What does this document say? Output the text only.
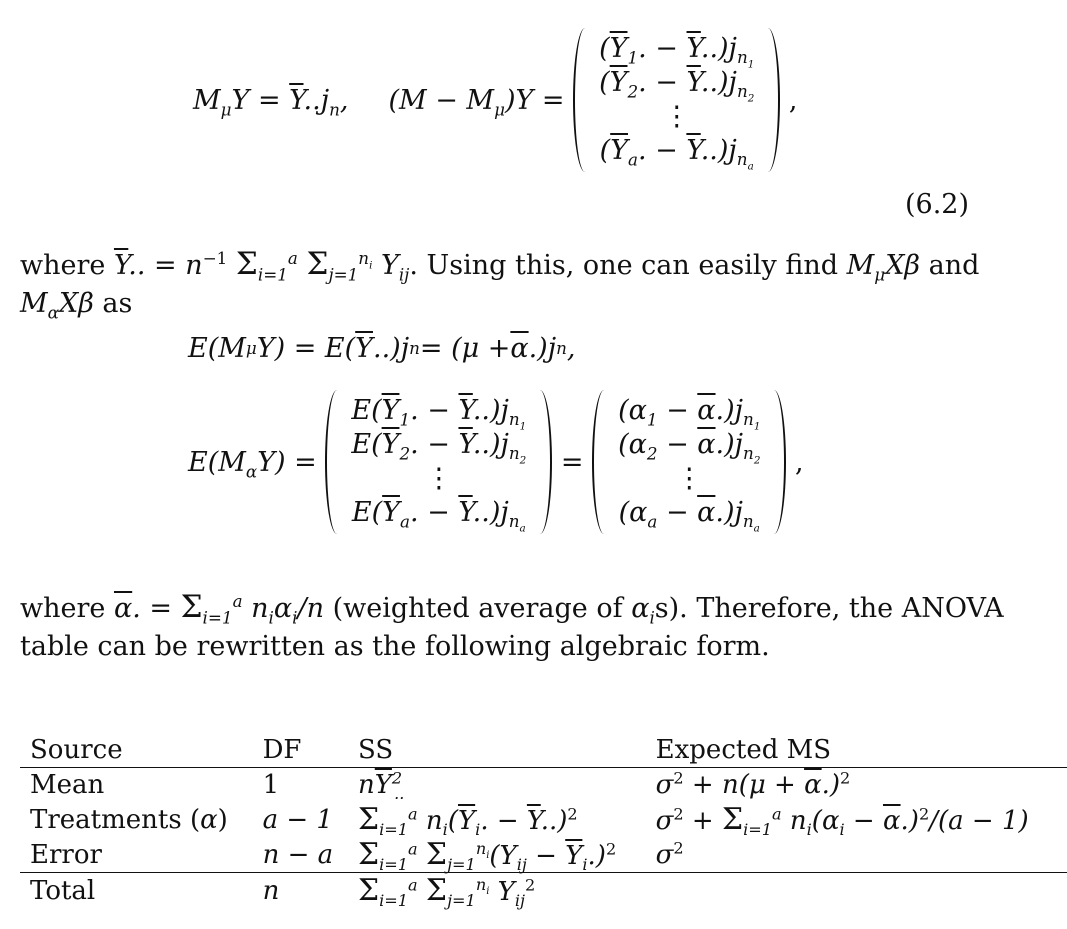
$M_\mu Y = \overline{Y}..j_n$, $(M - M_\mu)Y$ =
($\overline{Y}_1$. − $\overline{Y}..)j_{n_1}$
($\overline{Y}_2$. − $\overline{Y}..)j_{n_2}$
⋮
($\overline{Y}_a$. − $\overline{Y}..)j_{n_a}$
,
(6.2)
where $\overline{Y}$.. = $n^{-1}$ $\Sigma_{i=1}^a$ $\Sigma_{j=1}^{n_i}$ $Y_{ij}$. Using this, one can easily find $M_\mu X\beta$ and $M_\alpha X\beta$ as
E(M μ Y) = E( $\overline{Y}$ ..)j $n = (\mu + \overline{\alpha}$ .)j n ,
$E(M_\alpha Y)$ =
$E(\overline{Y}_1$. − $\overline{Y}..)j_{n_1}$
$E(\overline{Y}_2$. − $\overline{Y}..)j_{n_2}$
⋮
$E(\overline{Y}_a$. − $\overline{Y}..)j_{n_a}$
=
$(\alpha_1 - \overline{\alpha}.)j_{n_1}$
$(\alpha_2 - \overline{\alpha}.)j_{n_2}$
⋮
$(\alpha_a - \overline{\alpha}.)j_{n_a}$
,
where $\overline{\alpha}$. = $\Sigma_{i=1}^a$ $n_i\alpha_i/n$ (weighted average of $\alpha_is$). Therefore, the ANOVA table can be rewritten as the following algebraic form.
Source	DF	SS	Expected MS
Mean	1	$n\overline{Y}^2_{..}$	$\sigma^2 + n(\mu + \overline{\alpha}.)^2$
Treatments (α)	a − 1	$\Sigma_{i=1}^a$ $n_i(\overline{Y}_i$. − $\overline{Y}..)^2$	$\sigma^2 + \Sigma_{i=1}^a$ $n_i(\alpha_i - \overline{\alpha}.)^2/(a - 1)$
Error	n − a	$\Sigma_{i=1}^a$ $\Sigma_{j=1}^{n_i}(Y_{ij} - \overline{Y}_i.)^2$	$\sigma^2$
Total	n	$\Sigma_{i=1}^a$ $\Sigma_{j=1}^{n_i}$ $Y_{ij}^2$	
